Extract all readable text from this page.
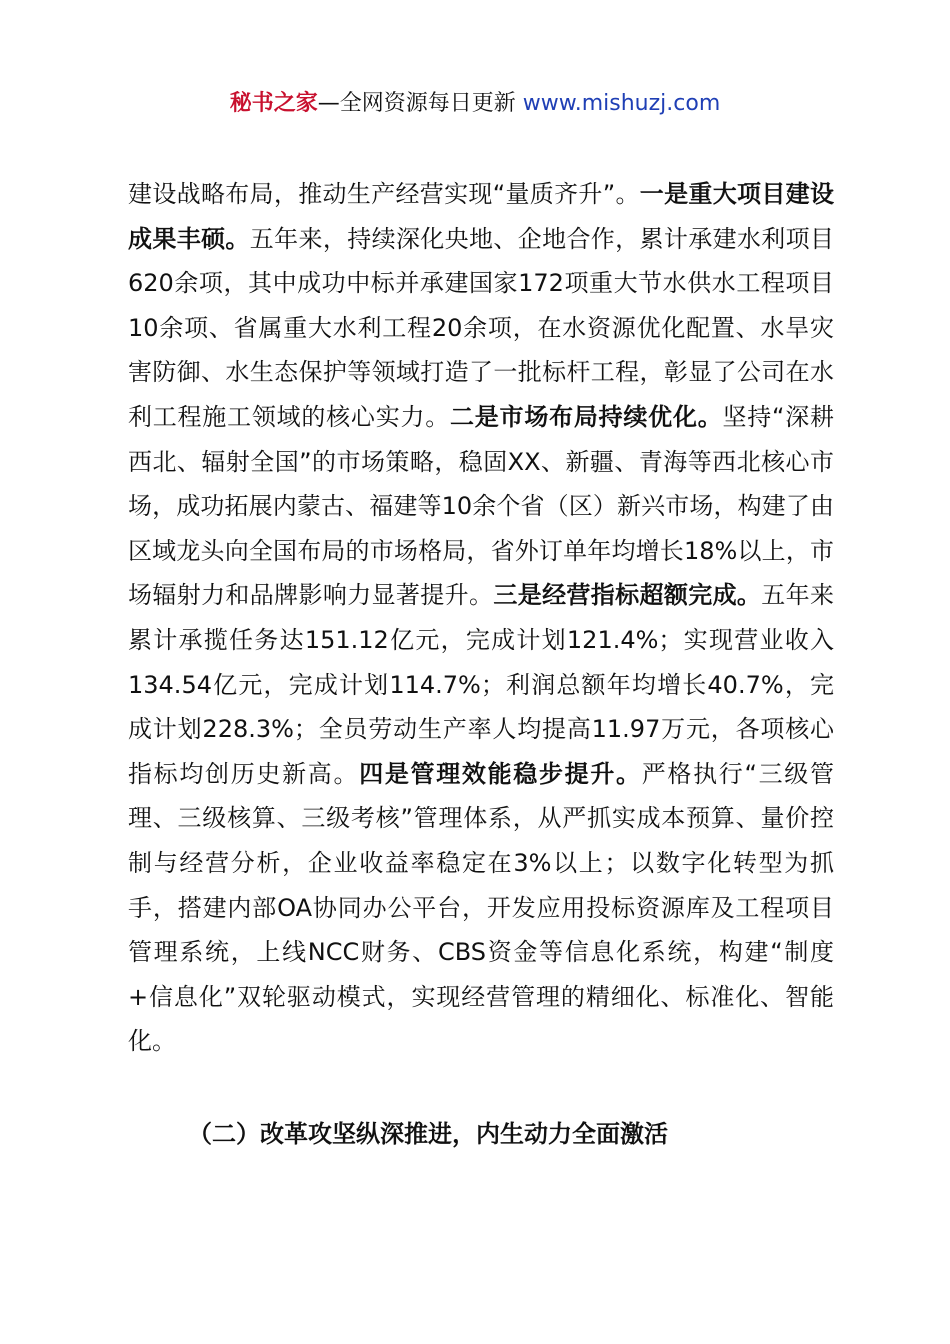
秘书之家—全网资源每日更新 www.mishuzj.com
建设战略布局，推动生产经营实现“量质齐升”。一是重大项目建设成果丰硕。五年来，持续深化央地、企地合作，累计承建水利项目620余项，其中成功中标并承建国家172项重大节水供水工程项目10余项、省属重大水利工程20余项，在水资源优化配置、水旱灾害防御、水生态保护等领域打造了一批标杆工程，彰显了公司在水利工程施工领域的核心实力。二是市场布局持续优化。坚持“深耕西北、辐射全国”的市场策略，稳固XX、新疆、青海等西北核心市场，成功拓展内蒙古、福建等10余个省（区）新兴市场，构建了由区域龙头向全国布局的市场格局，省外订单年均增长18%以上，市场辐射力和品牌影响力显著提升。三是经营指标超额完成。五年来累计承揽任务达151.12亿元，完成计划121.4%；实现营业收入134.54亿元，完成计划114.7%；利润总额年均增长40.7%，完成计划228.3%；全员劳动生产率人均提高11.97万元，各项核心指标均创历史新高。四是管理效能稳步提升。严格执行“三级管理、三级核算、三级考核”管理体系，从严抓实成本预算、量价控制与经营分析，企业收益率稳定在3%以上；以数字化转型为抓手，搭建内部OA协同办公平台，开发应用投标资源库及工程项目管理系统，上线NCC财务、CBS资金等信息化系统，构建“制度+信息化”双轮驱动模式，实现经营管理的精细化、标准化、智能化。
（二）改革攻坚纵深推进，内生动力全面激活
